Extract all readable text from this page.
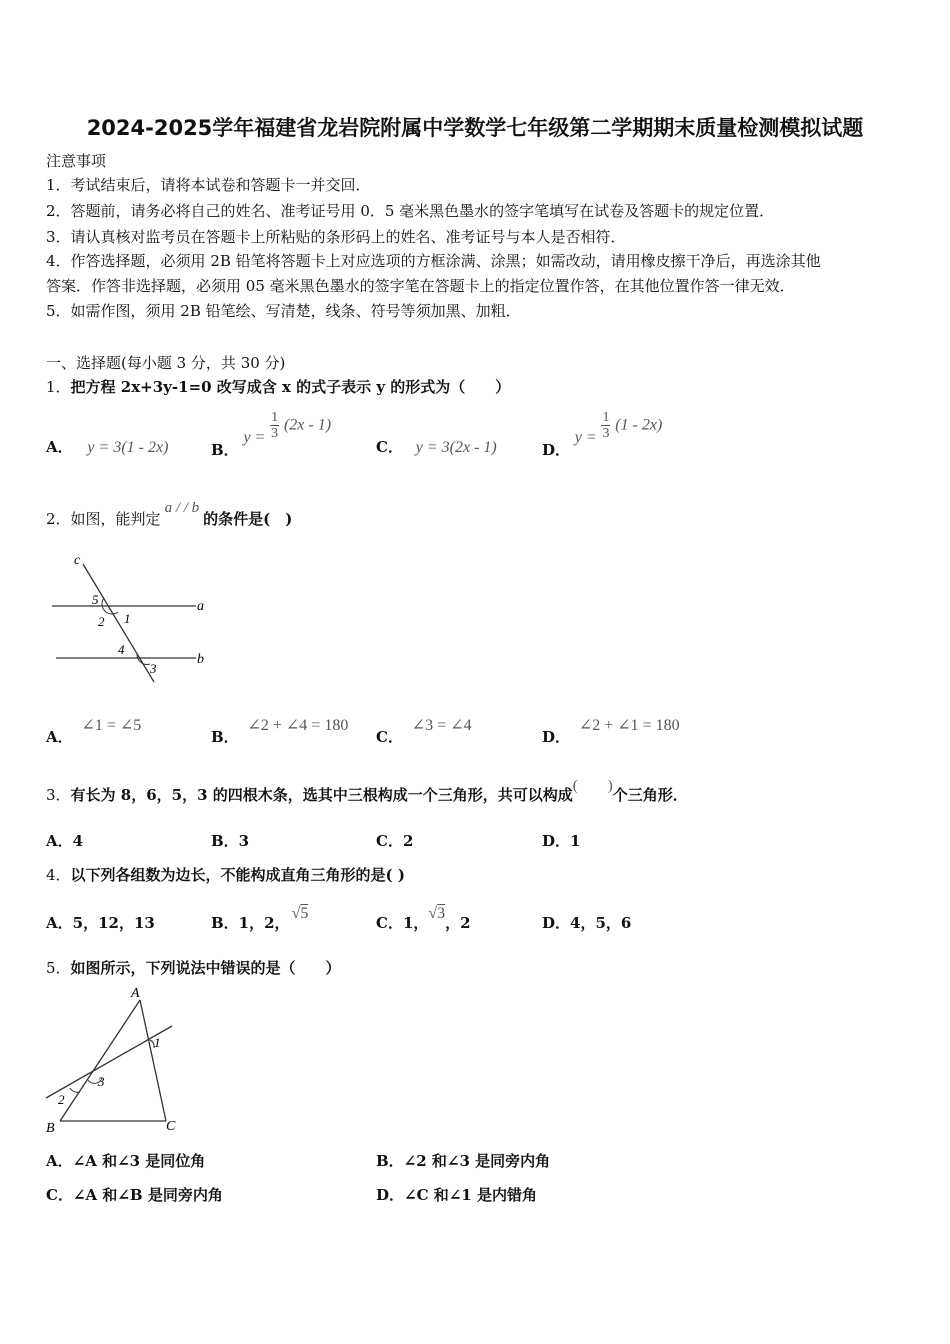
2024-2025学年福建省龙岩院附属中学数学七年级第二学期期末质量检测模拟试题
注意事项
1．考试结束后，请将本试卷和答题卡一并交回．
2．答题前，请务必将自己的姓名、准考证号用 0．5 毫米黑色墨水的签字笔填写在试卷及答题卡的规定位置．
3．请认真核对监考员在答题卡上所粘贴的条形码上的姓名、准考证号与本人是否相符．
4．作答选择题，必须用 2B 铅笔将答题卡上对应选项的方框涂满、涂黑；如需改动，请用橡皮擦干净后，再选涂其他
答案．作答非选择题，必须用 05 毫米黑色墨水的签字笔在答题卡上的指定位置作答，在其他位置作答一律无效．
5．如需作图，须用 2B 铅笔绘、写清楚，线条、符号等须加黑、加粗．
一、选择题(每小题 3 分，共 30 分)
1．把方程 2x+3y-1=0 改写成含 x 的式子表示 y 的形式为（　　）
A． y = 3(1 - 2x)	B． $y = \frac{1}{3} (2x - 1)$
C． y = 3(2x - 1)	D． $y = \frac{1}{3} (1 - 2x)$
2．如图，能判定a / / b的条件是(　)
c
a
b
5
2 1
4
3
A． ∠1 = ∠5
B． ∠2 + ∠4 = 180
C． ∠3 = ∠4
D． ∠2 + ∠1 = 180
3．有长为 8，6，5，3 的四根木条，选其中三根构成一个三角形，共可以构成(　　)个三角形．
A．4	B．3	C．2	D．1
4．以下列各组数为边长，不能构成直角三角形的是( )
A．5，12，13	B．1，2，√5
C．1，√3，2	D．4，5，6
5．如图所示，下列说法中错误的是（　　）
A
B	C
1
2
3
A．∠A 和∠3 是同位角	B．∠2 和∠3 是同旁内角
C．∠A 和∠B 是同旁内角	D．∠C 和∠1 是内错角
